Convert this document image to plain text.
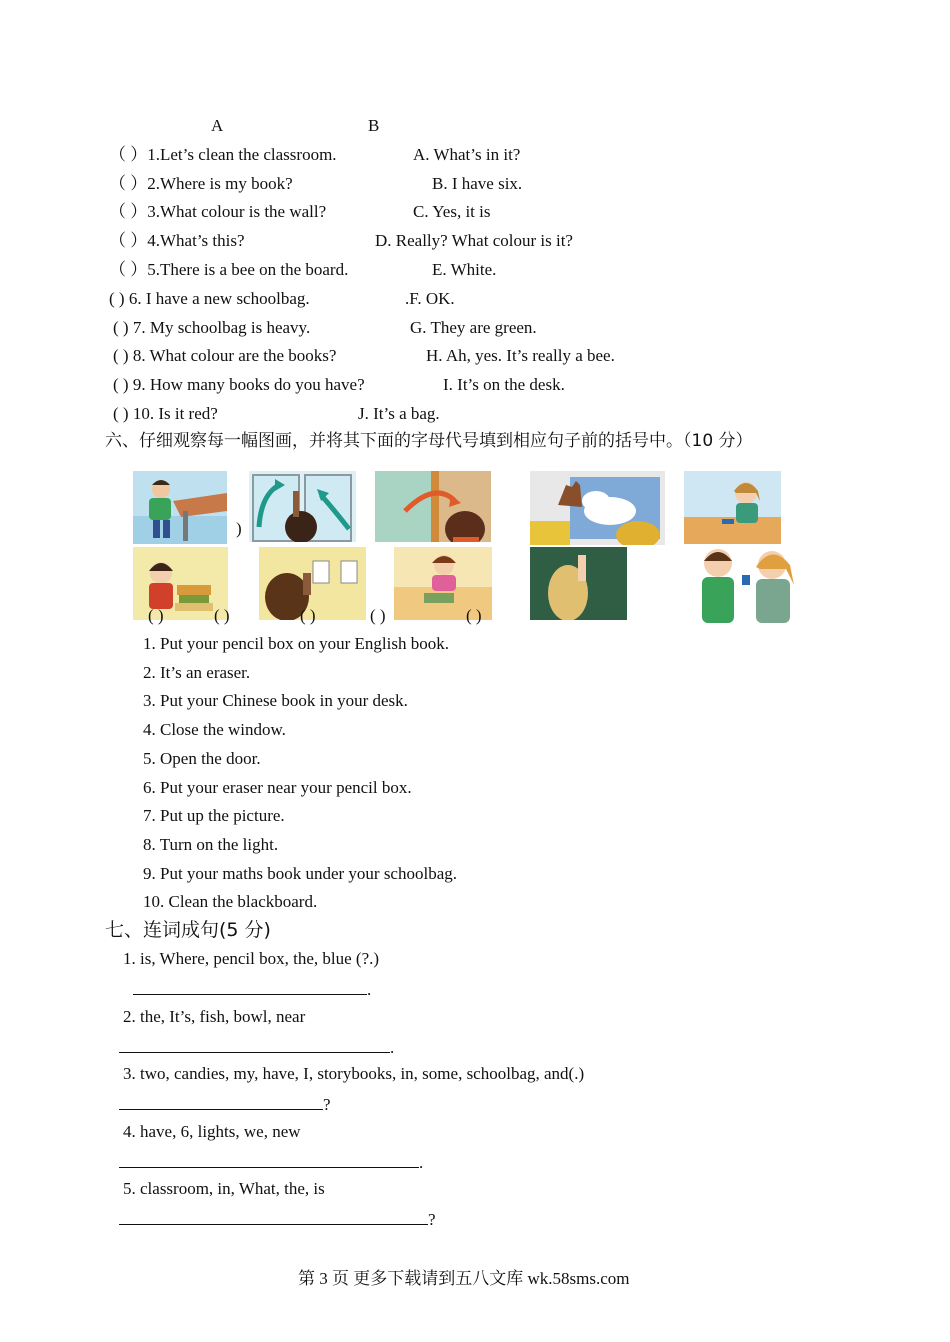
A	B
（ ）1.Let’s clean the classroom.	A. What’s in it?
（ ）2.Where is my book?	B. I have six.
（ ）3.What colour is the wall?	C. Yes, it is
（ ）4.What’s this?	D. Really? What colour is it?
（ ）5.There is a bee on the board.	E. White.
( ) 6. I have a new schoolbag.	.F. OK.
( ) 7. My schoolbag is heavy.	G. They are green.
( ) 8. What colour are the books?	H. Ah, yes. It’s really a bee.
( ) 9. How many books do you have?	I. It’s on the desk.
( ) 10. Is it red?	J. It’s a bag.
六、仔细观察每一幅图画，并将其下面的字母代号填到相应句子前的括号中。（10 分）
)
( )	( )	( )	( )	( )
1. Put your pencil box on your English book.
2. It’s an eraser.
3. Put your Chinese book in your desk.
4. Close the window.
5. Open the door.
6. Put your eraser near your pencil box.
7. Put up the picture.
8. Turn on the light.
9. Put your maths book under your schoolbag.
10. Clean the blackboard.
七、连词成句(5 分)
1. is, Where, pencil box, the, blue (?.)
.
2. the, It’s, fish, bowl, near
.
3. two, candies, my, have, I, storybooks, in, some, schoolbag, and(.)
?
4. have, 6, lights, we, new
.
5. classroom, in, What, the, is
?
第 3 页 更多下载请到五八文库 wk.58sms.com
